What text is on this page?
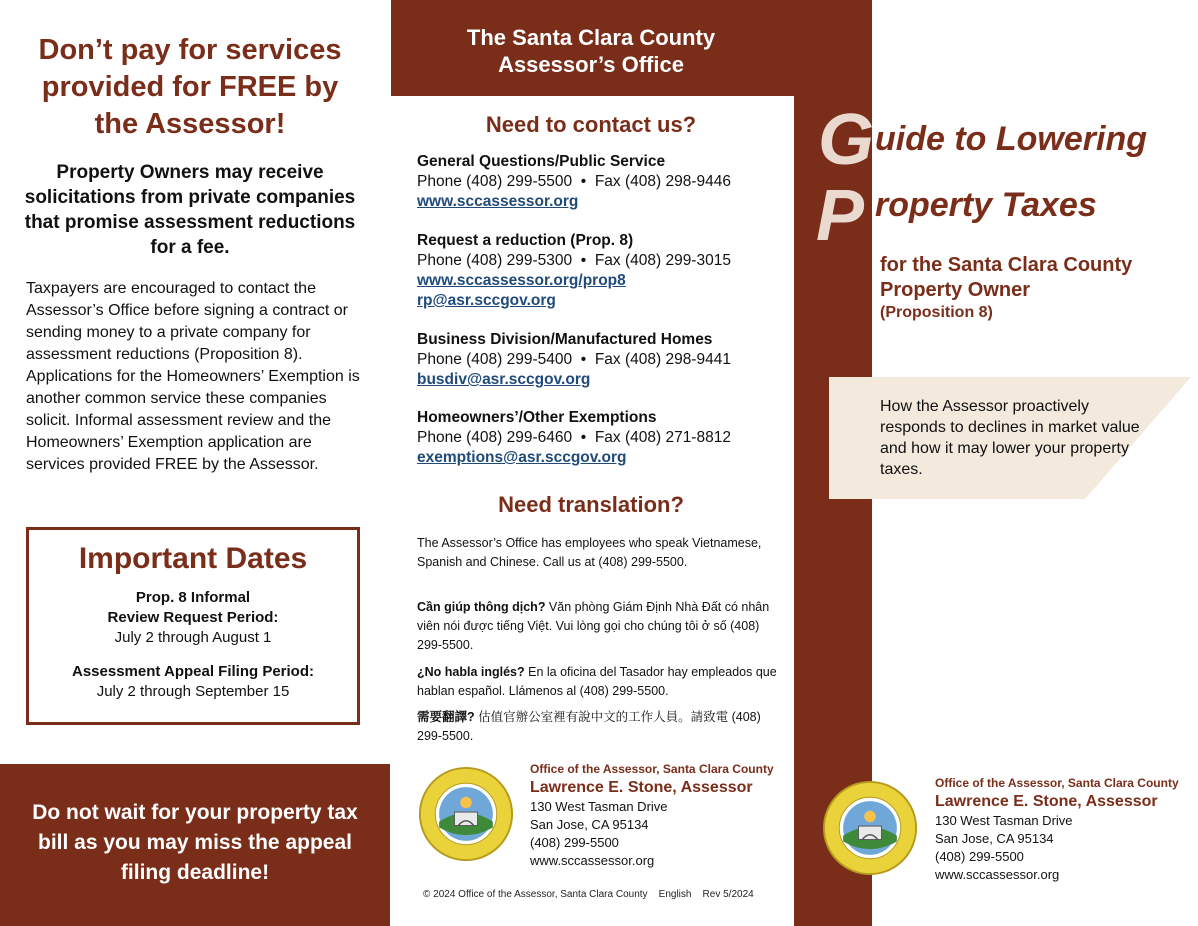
Don’t pay for services provided for FREE by the Assessor!
Property Owners may receive solicitations from private companies that promise assessment reductions for a fee.
Taxpayers are encouraged to contact the Assessor’s Office before signing a contract or sending money to a private company for assessment reductions (Proposition 8). Applications for the Homeowners’ Exemption is another common service these companies solicit. Informal assessment review and the Homeowners’ Exemption application are services provided FREE by the Assessor.
Important Dates
Prop. 8 Informal
Review Request Period:
July 2 through August 1
Assessment Appeal Filing Period:
July 2 through September 15
Do not wait for your property tax bill as you may miss the appeal filing deadline!
The Santa Clara County
Assessor’s Office
Need to contact us?
General Questions/Public Service
Phone (408) 299-5500 • Fax (408) 298-9446
www.sccassessor.org
Request a reduction (Prop. 8)
Phone (408) 299-5300 • Fax (408) 299-3015
www.sccassessor.org/prop8
rp@asr.sccgov.org
Business Division/Manufactured Homes
Phone (408) 299-5400 • Fax (408) 298-9441
busdiv@asr.sccgov.org
Homeowners’/Other Exemptions
Phone (408) 299-6460 • Fax (408) 271-8812
exemptions@asr.sccgov.org
Need translation?
The Assessor’s Office has employees who speak Vietnamese, Spanish and Chinese. Call us at (408) 299-5500.
Cần giúp thông dịch? Văn phòng Giám Định Nhà Đất có nhân viên nói được tiếng Việt. Vui lòng gọi cho chúng tôi ở số (408) 299-5500.
¿No habla inglés? En la oficina del Tasador hay empleados que hablan español. Llámenos al (408) 299-5500.
需要翻譯? 估值官辦公室裡有說中文的工作人員。請致電 (408) 299-5500.
Office of the Assessor, Santa Clara County
Lawrence E. Stone, Assessor
130 West Tasman Drive
San Jose, CA 95134
(408) 299-5500
www.sccassessor.org
© 2024 Office of the Assessor, Santa Clara County    English    Rev 5/2024
G
P
uide to Lowering
roperty Taxes
for the Santa Clara County Property Owner
(Proposition 8)
How the Assessor proactively responds to declines in market value and how it may lower your property taxes.
Office of the Assessor, Santa Clara County
Lawrence E. Stone, Assessor
130 West Tasman Drive
San Jose, CA 95134
(408) 299-5500
www.sccassessor.org
